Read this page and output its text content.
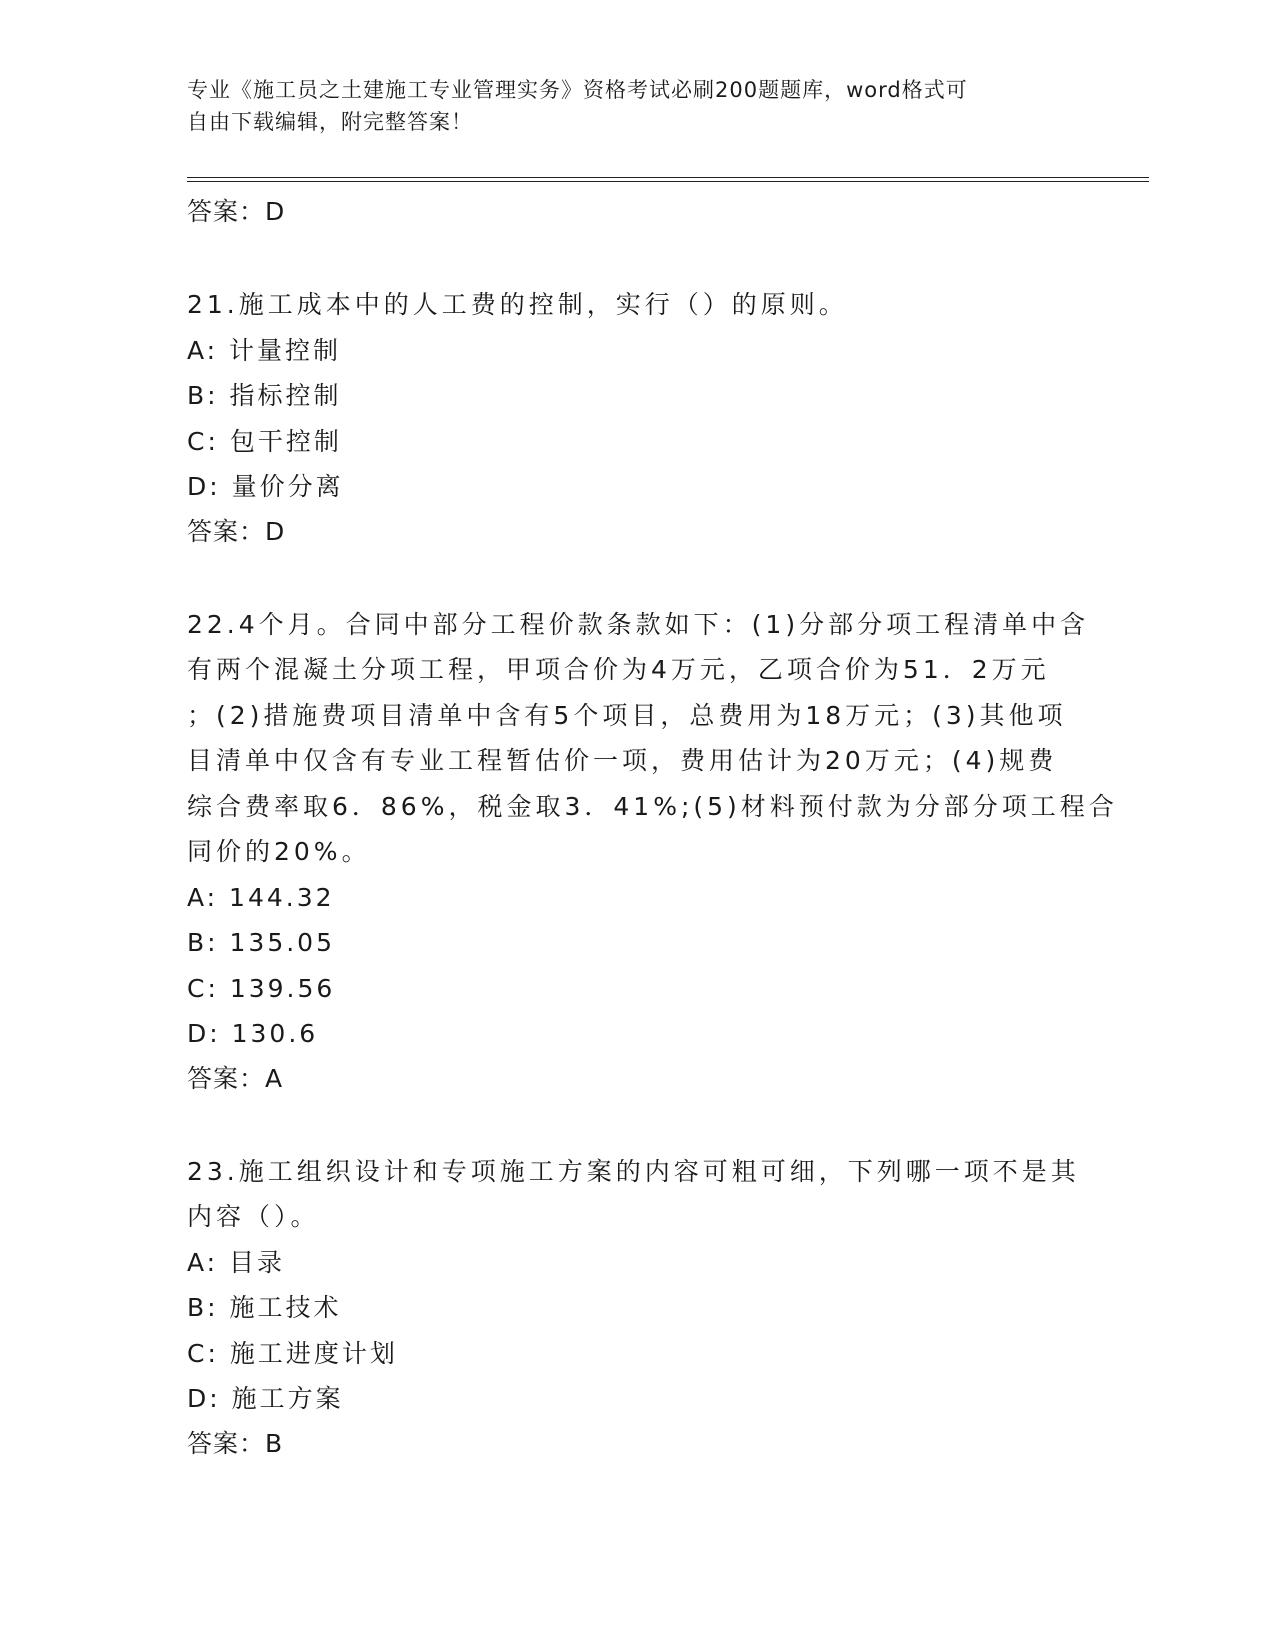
专业《施工员之土建施工专业管理实务》资格考试必刷200题题库，word格式可
自由下载编辑，附完整答案！
答案：D
21.施工成本中的人工费的控制，实行（）的原则。
A: 计量控制
B: 指标控制
C: 包干控制
D: 量价分离
答案：D
22.4个月。合同中部分工程价款条款如下：(1)分部分项工程清单中含
有两个混凝土分项工程，甲项合价为4万元，乙项合价为51．2万元
；(2)措施费项目清单中含有5个项目，总费用为18万元；(3)其他项
目清单中仅含有专业工程暂估价一项，费用估计为20万元；(4)规费
综合费率取6．86%，税金取3．41%;(5)材料预付款为分部分项工程合
同价的20%。
A: 144.32
B: 135.05
C: 139.56
D: 130.6
答案：A
23.施工组织设计和专项施工方案的内容可粗可细，下列哪一项不是其
内容（）。
A: 目录
B: 施工技术
C: 施工进度计划
D: 施工方案
答案：B
